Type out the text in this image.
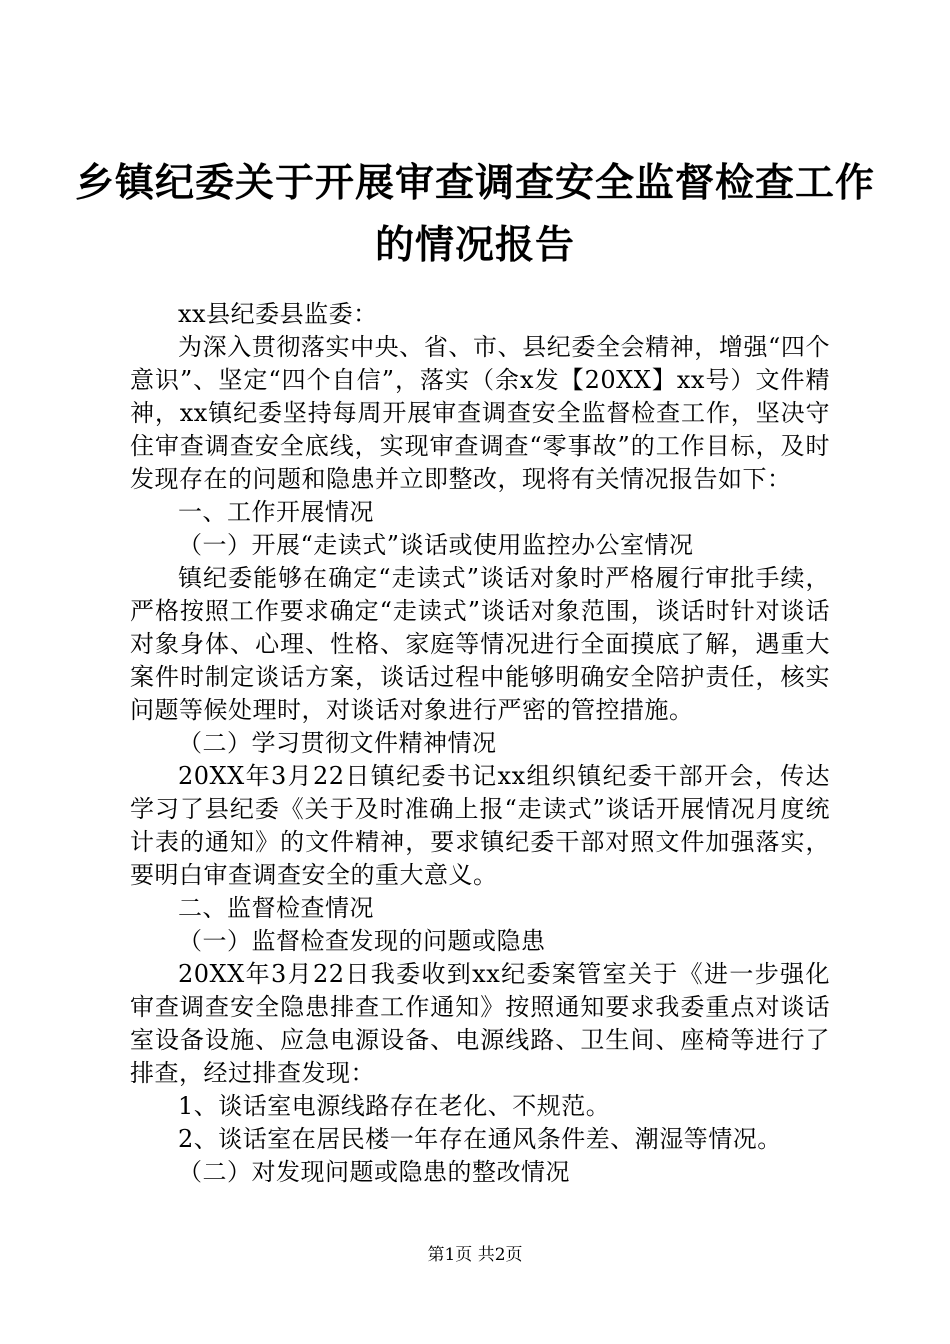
乡镇纪委关于开展审查调查安全监督检查工作
的情况报告

xx县纪委县监委：

为深入贯彻落实中央、省、市、县纪委全会精神，增强“四个意识”、坚定“四个自信”，落实（余x发【20XX】xx号）文件精神，xx镇纪委坚持每周开展审查调查安全监督检查工作，坚决守住审查调查安全底线，实现审查调查“零事故”的工作目标，及时发现存在的问题和隐患并立即整改，现将有关情况报告如下：

一、工作开展情况

（一）开展“走读式”谈话或使用监控办公室情况

镇纪委能够在确定“走读式”谈话对象时严格履行审批手续，严格按照工作要求确定“走读式”谈话对象范围，谈话时针对谈话对象身体、心理、性格、家庭等情况进行全面摸底了解，遇重大案件时制定谈话方案，谈话过程中能够明确安全陪护责任，核实问题等候处理时，对谈话对象进行严密的管控措施。

（二）学习贯彻文件精神情况

20XX年3月22日镇纪委书记xx组织镇纪委干部开会，传达学习了县纪委《关于及时准确上报“走读式”谈话开展情况月度统计表的通知》的文件精神，要求镇纪委干部对照文件加强落实，要明白审查调查安全的重大意义。

二、监督检查情况

（一）监督检查发现的问题或隐患

20XX年3月22日我委收到xx纪委案管室关于《进一步强化审查调查安全隐患排查工作通知》按照通知要求我委重点对谈话室设备设施、应急电源设备、电源线路、卫生间、座椅等进行了排查，经过排查发现：

1、谈话室电源线路存在老化、不规范。

2、谈话室在居民楼一年存在通风条件差、潮湿等情况。

（二）对发现问题或隐患的整改情况

第1页 共2页
